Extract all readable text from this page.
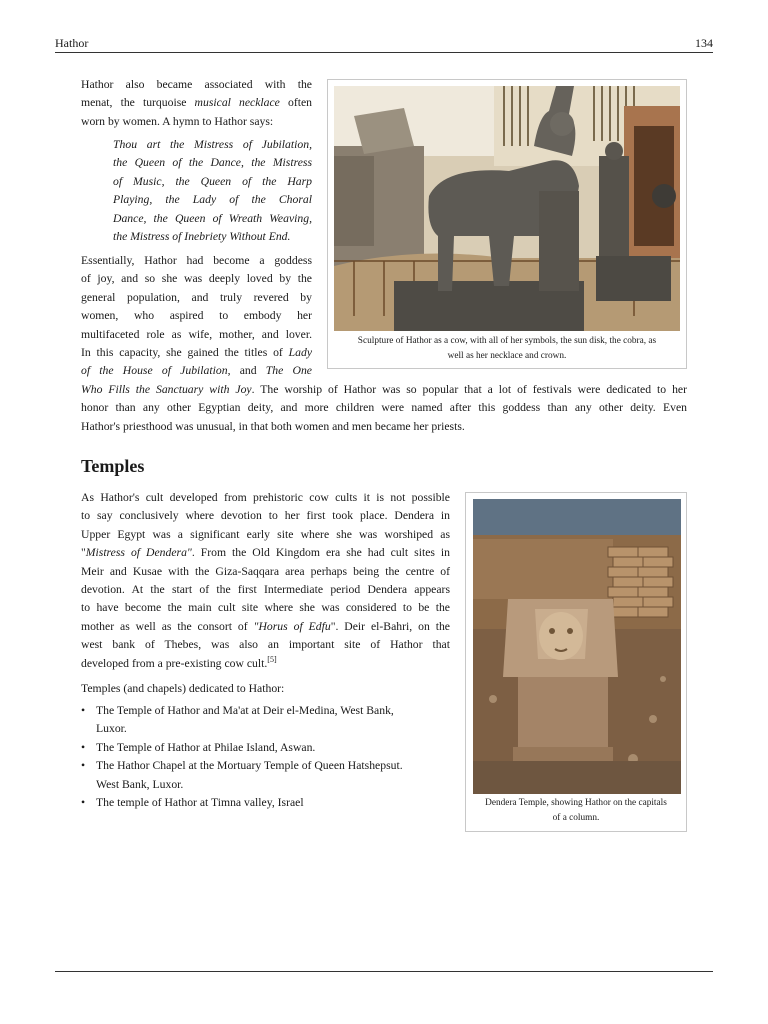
Hathor	134

Hathor also became associated with the
menat, the turquoise musical necklace often
worn by women. A hymn to Hathor says:

Thou art the Mistress of Jubilation,
the Queen of the Dance, the Mistress
of Music, the Queen of the Harp
Playing, the Lady of the Choral
Dance, the Queen of Wreath Weaving,
the Mistress of Inebriety Without End.

Essentially, Hathor had become a goddess
of joy, and so she was deeply loved by the
general population, and truly revered by
women, who aspired to embody her
multifaceted role as wife, mother, and lover.
In this capacity, she gained the titles of Lady
of the House of Jubilation, and The One

Who Fills the Sanctuary with Joy. The worship of Hathor was so popular that a lot of festivals were dedicated to her
honor than any other Egyptian deity, and more children were named after this goddess than any other deity. Even
Hathor's priesthood was unusual, in that both women and men became her priests.

Sculpture of Hathor as a cow, with all of her symbols, the sun disk, the cobra, as
well as her necklace and crown.
Temples

As Hathor's cult developed from prehistoric cow cults it is not possible
to say conclusively where devotion to her first took place. Dendera in
Upper Egypt was a significant early site where she was worshiped as
"Mistress of Dendera". From the Old Kingdom era she had cult sites in
Meir and Kusae with the Giza-Saqqara area perhaps being the centre of
devotion. At the start of the first Intermediate period Dendera appears
to have become the main cult site where she was considered to be the
mother as well as the consort of "Horus of Edfu". Deir el-Bahri, on the
west bank of Thebes, was also an important site of Hathor that
developed from a pre-existing cow cult.[5]

Temples (and chapels) dedicated to Hathor:

• The Temple of Hathor and Ma'at at Deir el-Medina, West Bank,
Luxor.
• The Temple of Hathor at Philae Island, Aswan.
• The Hathor Chapel at the Mortuary Temple of Queen Hatshepsut.
West Bank, Luxor.
• The temple of Hathor at Timna valley, Israel	Dendera Temple, showing Hathor on the capitals
of a column.
